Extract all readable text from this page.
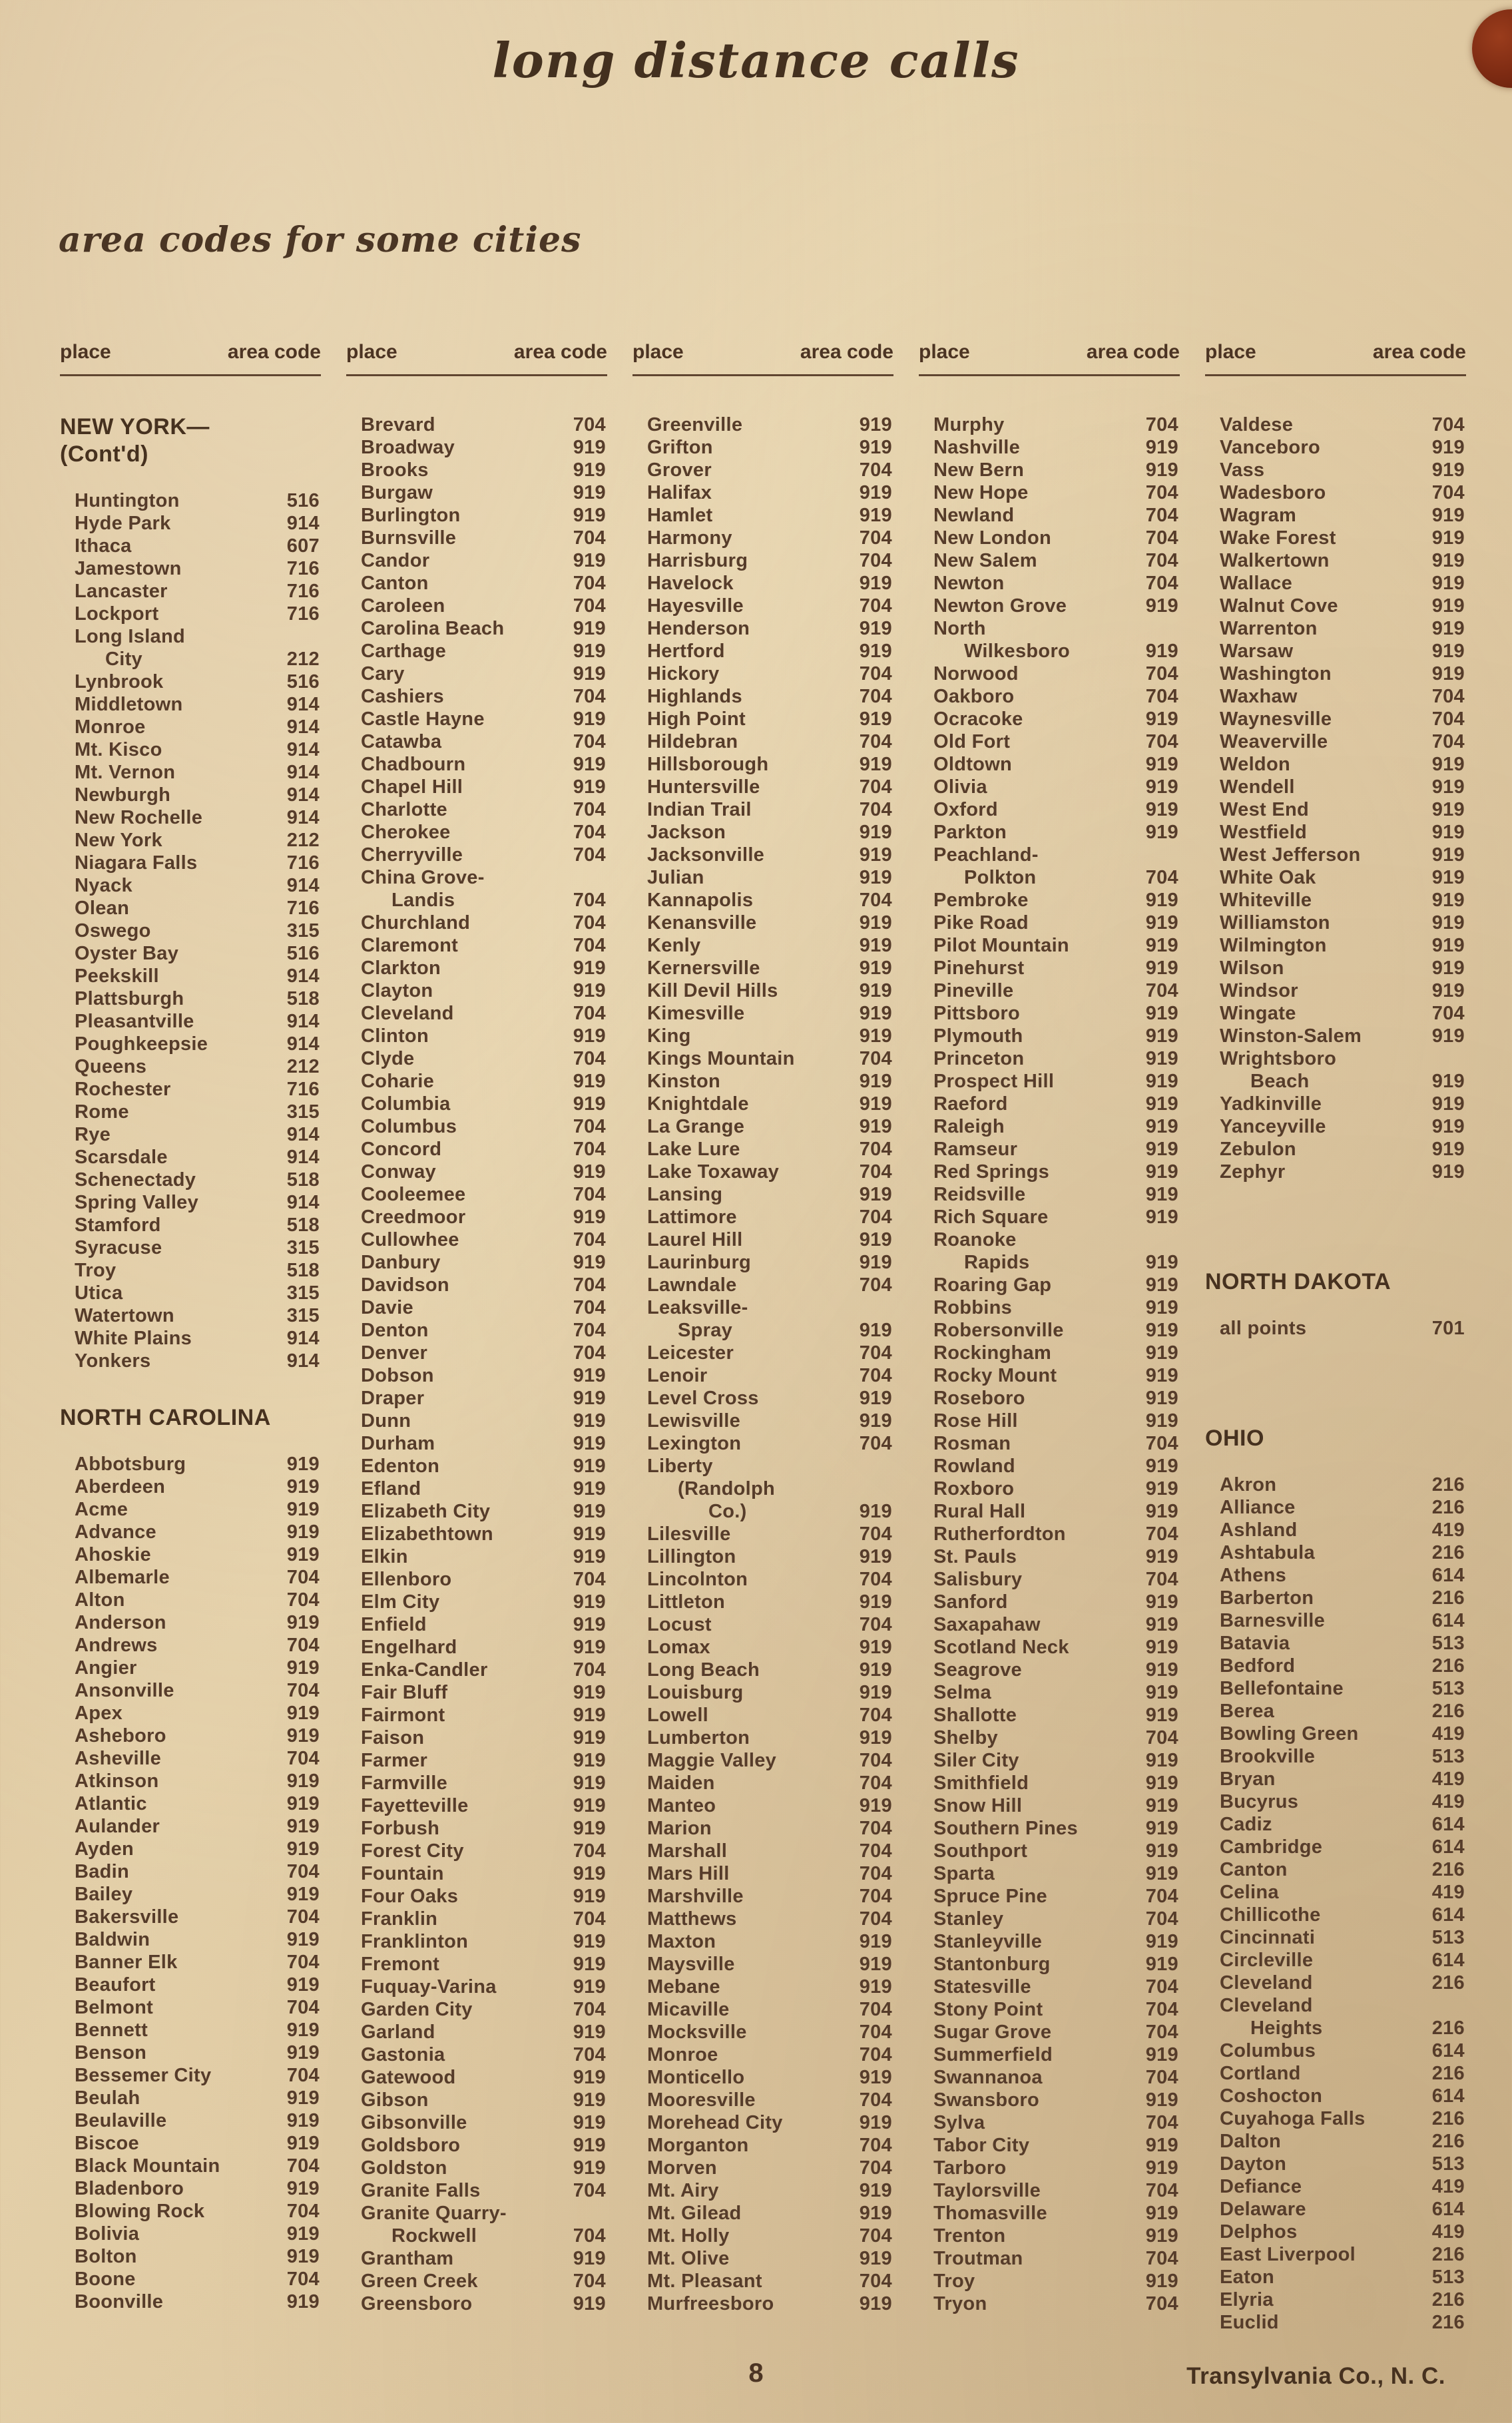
long distance calls
area codes for some cities
place	area code
NEW YORK—
(Cont'd)
Huntington	516
Hyde Park	914
Ithaca	607
Jamestown	716
Lancaster	716
Lockport	716
Long Island
City	212
Lynbrook	516
Middletown	914
Monroe	914
Mt. Kisco	914
Mt. Vernon	914
Newburgh	914
New Rochelle	914
New York	212
Niagara Falls	716
Nyack	914
Olean	716
Oswego	315
Oyster Bay	516
Peekskill	914
Plattsburgh	518
Pleasantville	914
Poughkeepsie	914
Queens	212
Rochester	716
Rome	315
Rye	914
Scarsdale	914
Schenectady	518
Spring Valley	914
Stamford	518
Syracuse	315
Troy	518
Utica	315
Watertown	315
White Plains	914
Yonkers	914
NORTH CAROLINA
Abbotsburg	919
Aberdeen	919
Acme	919
Advance	919
Ahoskie	919
Albemarle	704
Alton	704
Anderson	919
Andrews	704
Angier	919
Ansonville	704
Apex	919
Asheboro	919
Asheville	704
Atkinson	919
Atlantic	919
Aulander	919
Ayden	919
Badin	704
Bailey	919
Bakersville	704
Baldwin	919
Banner Elk	704
Beaufort	919
Belmont	704
Bennett	919
Benson	919
Bessemer City	704
Beulah	919
Beulaville	919
Biscoe	919
Black Mountain	704
Bladenboro	919
Blowing Rock	704
Bolivia	919
Bolton	919
Boone	704
Boonville	919
place	area code
Brevard	704
Broadway	919
Brooks	919
Burgaw	919
Burlington	919
Burnsville	704
Candor	919
Canton	704
Caroleen	704
Carolina Beach	919
Carthage	919
Cary	919
Cashiers	704
Castle Hayne	919
Catawba	704
Chadbourn	919
Chapel Hill	919
Charlotte	704
Cherokee	704
Cherryville	704
China Grove-
Landis	704
Churchland	704
Claremont	704
Clarkton	919
Clayton	919
Cleveland	704
Clinton	919
Clyde	704
Coharie	919
Columbia	919
Columbus	704
Concord	704
Conway	919
Cooleemee	704
Creedmoor	919
Cullowhee	704
Danbury	919
Davidson	704
Davie	704
Denton	704
Denver	704
Dobson	919
Draper	919
Dunn	919
Durham	919
Edenton	919
Efland	919
Elizabeth City	919
Elizabethtown	919
Elkin	919
Ellenboro	704
Elm City	919
Enfield	919
Engelhard	919
Enka-Candler	704
Fair Bluff	919
Fairmont	919
Faison	919
Farmer	919
Farmville	919
Fayetteville	919
Forbush	919
Forest City	704
Fountain	919
Four Oaks	919
Franklin	704
Franklinton	919
Fremont	919
Fuquay-Varina	919
Garden City	704
Garland	919
Gastonia	704
Gatewood	919
Gibson	919
Gibsonville	919
Goldsboro	919
Goldston	919
Granite Falls	704
Granite Quarry-
Rockwell	704
Grantham	919
Green Creek	704
Greensboro	919
place	area code
Greenville	919
Grifton	919
Grover	704
Halifax	919
Hamlet	919
Harmony	704
Harrisburg	704
Havelock	919
Hayesville	704
Henderson	919
Hertford	919
Hickory	704
Highlands	704
High Point	919
Hildebran	704
Hillsborough	919
Huntersville	704
Indian Trail	704
Jackson	919
Jacksonville	919
Julian	919
Kannapolis	704
Kenansville	919
Kenly	919
Kernersville	919
Kill Devil Hills	919
Kimesville	919
King	919
Kings Mountain	704
Kinston	919
Knightdale	919
La Grange	919
Lake Lure	704
Lake Toxaway	704
Lansing	919
Lattimore	704
Laurel Hill	919
Laurinburg	919
Lawndale	704
Leaksville-
Spray	919
Leicester	704
Lenoir	704
Level Cross	919
Lewisville	919
Lexington	704
Liberty
(Randolph
Co.)	919
Lilesville	704
Lillington	919
Lincolnton	704
Littleton	919
Locust	704
Lomax	919
Long Beach	919
Louisburg	919
Lowell	704
Lumberton	919
Maggie Valley	704
Maiden	704
Manteo	919
Marion	704
Marshall	704
Mars Hill	704
Marshville	704
Matthews	704
Maxton	919
Maysville	919
Mebane	919
Micaville	704
Mocksville	704
Monroe	704
Monticello	919
Mooresville	704
Morehead City	919
Morganton	704
Morven	704
Mt. Airy	919
Mt. Gilead	919
Mt. Holly	704
Mt. Olive	919
Mt. Pleasant	704
Murfreesboro	919
place	area code
Murphy	704
Nashville	919
New Bern	919
New Hope	704
Newland	704
New London	704
New Salem	704
Newton	704
Newton Grove	919
North
Wilkesboro	919
Norwood	704
Oakboro	704
Ocracoke	919
Old Fort	704
Oldtown	919
Olivia	919
Oxford	919
Parkton	919
Peachland-
Polkton	704
Pembroke	919
Pike Road	919
Pilot Mountain	919
Pinehurst	919
Pineville	704
Pittsboro	919
Plymouth	919
Princeton	919
Prospect Hill	919
Raeford	919
Raleigh	919
Ramseur	919
Red Springs	919
Reidsville	919
Rich Square	919
Roanoke
Rapids	919
Roaring Gap	919
Robbins	919
Robersonville	919
Rockingham	919
Rocky Mount	919
Roseboro	919
Rose Hill	919
Rosman	704
Rowland	919
Roxboro	919
Rural Hall	919
Rutherfordton	704
St. Pauls	919
Salisbury	704
Sanford	919
Saxapahaw	919
Scotland Neck	919
Seagrove	919
Selma	919
Shallotte	919
Shelby	704
Siler City	919
Smithfield	919
Snow Hill	919
Southern Pines	919
Southport	919
Sparta	919
Spruce Pine	704
Stanley	704
Stanleyville	919
Stantonburg	919
Statesville	704
Stony Point	704
Sugar Grove	704
Summerfield	919
Swannanoa	704
Swansboro	919
Sylva	704
Tabor City	919
Tarboro	919
Taylorsville	704
Thomasville	919
Trenton	919
Troutman	704
Troy	919
Tryon	704
place	area code
Valdese	704
Vanceboro	919
Vass	919
Wadesboro	704
Wagram	919
Wake Forest	919
Walkertown	919
Wallace	919
Walnut Cove	919
Warrenton	919
Warsaw	919
Washington	919
Waxhaw	704
Waynesville	704
Weaverville	704
Weldon	919
Wendell	919
West End	919
Westfield	919
West Jefferson	919
White Oak	919
Whiteville	919
Williamston	919
Wilmington	919
Wilson	919
Windsor	919
Wingate	704
Winston-Salem	919
Wrightsboro
Beach	919
Yadkinville	919
Yanceyville	919
Zebulon	919
Zephyr	919
NORTH DAKOTA
all points	701
OHIO
Akron	216
Alliance	216
Ashland	419
Ashtabula	216
Athens	614
Barberton	216
Barnesville	614
Batavia	513
Bedford	216
Bellefontaine	513
Berea	216
Bowling Green	419
Brookville	513
Bryan	419
Bucyrus	419
Cadiz	614
Cambridge	614
Canton	216
Celina	419
Chillicothe	614
Cincinnati	513
Circleville	614
Cleveland	216
Cleveland
Heights	216
Columbus	614
Cortland	216
Coshocton	614
Cuyahoga Falls	216
Dalton	216
Dayton	513
Defiance	419
Delaware	614
Delphos	419
East Liverpool	216
Eaton	513
Elyria	216
Euclid	216
8	Transylvania Co., N. C.
